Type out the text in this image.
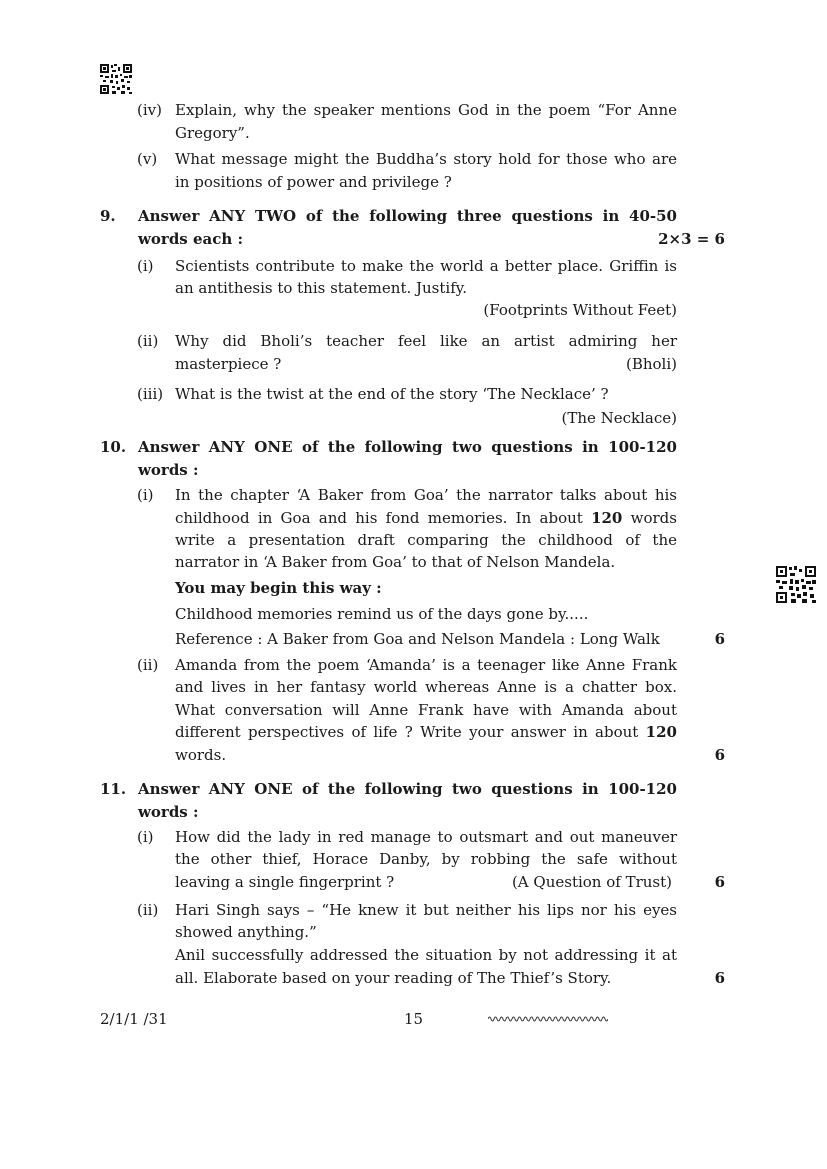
(iv) Explain, why the speaker mentions God in the poem “For Anne
Gregory”.
(v) What message might the Buddha’s story hold for those who are
in positions of power and privilege ?
9. Answer ANY TWO of the following three questions in 40-50
words each :	2×3 = 6
(i) Scientists contribute to make the world a better place. Griffin is
an antithesis to this statement. Justify.
(Footprints Without Feet)
(ii) Why did Bholi’s teacher feel like an artist admiring her
masterpiece ?	(Bholi)
(iii) What is the twist at the end of the story ‘The Necklace’ ?
(The Necklace)
10. Answer ANY ONE of the following two questions in 100-120
words :
(i) In the chapter ‘A Baker from Goa’ the narrator talks about his
childhood in Goa and his fond memories. In about 120 words
write a presentation draft comparing the childhood of the
narrator in ‘A Baker from Goa’ to that of Nelson Mandela.
You may begin this way :
Childhood memories remind us of the days gone by.....
Reference : A Baker from Goa and Nelson Mandela : Long Walk	6
(ii) Amanda from the poem ‘Amanda’ is a teenager like Anne Frank
and lives in her fantasy world whereas Anne is a chatter box.
What conversation will Anne Frank have with Amanda about
different perspectives of life ? Write your answer in about 120
words.	6
11. Answer ANY ONE of the following two questions in 100-120
words :
(i) How did the lady in red manage to outsmart and out maneuver
the other thief, Horace Danby, by robbing the safe without
leaving a single fingerprint ?	(A Question of Trust)	6
(ii) Hari Singh says – “He knew it but neither his lips nor his eyes
showed anything.”
Anil successfully addressed the situation by not addressing it at
all. Elaborate based on your reading of The Thief’s Story.	6
2/1/1 /31	15
